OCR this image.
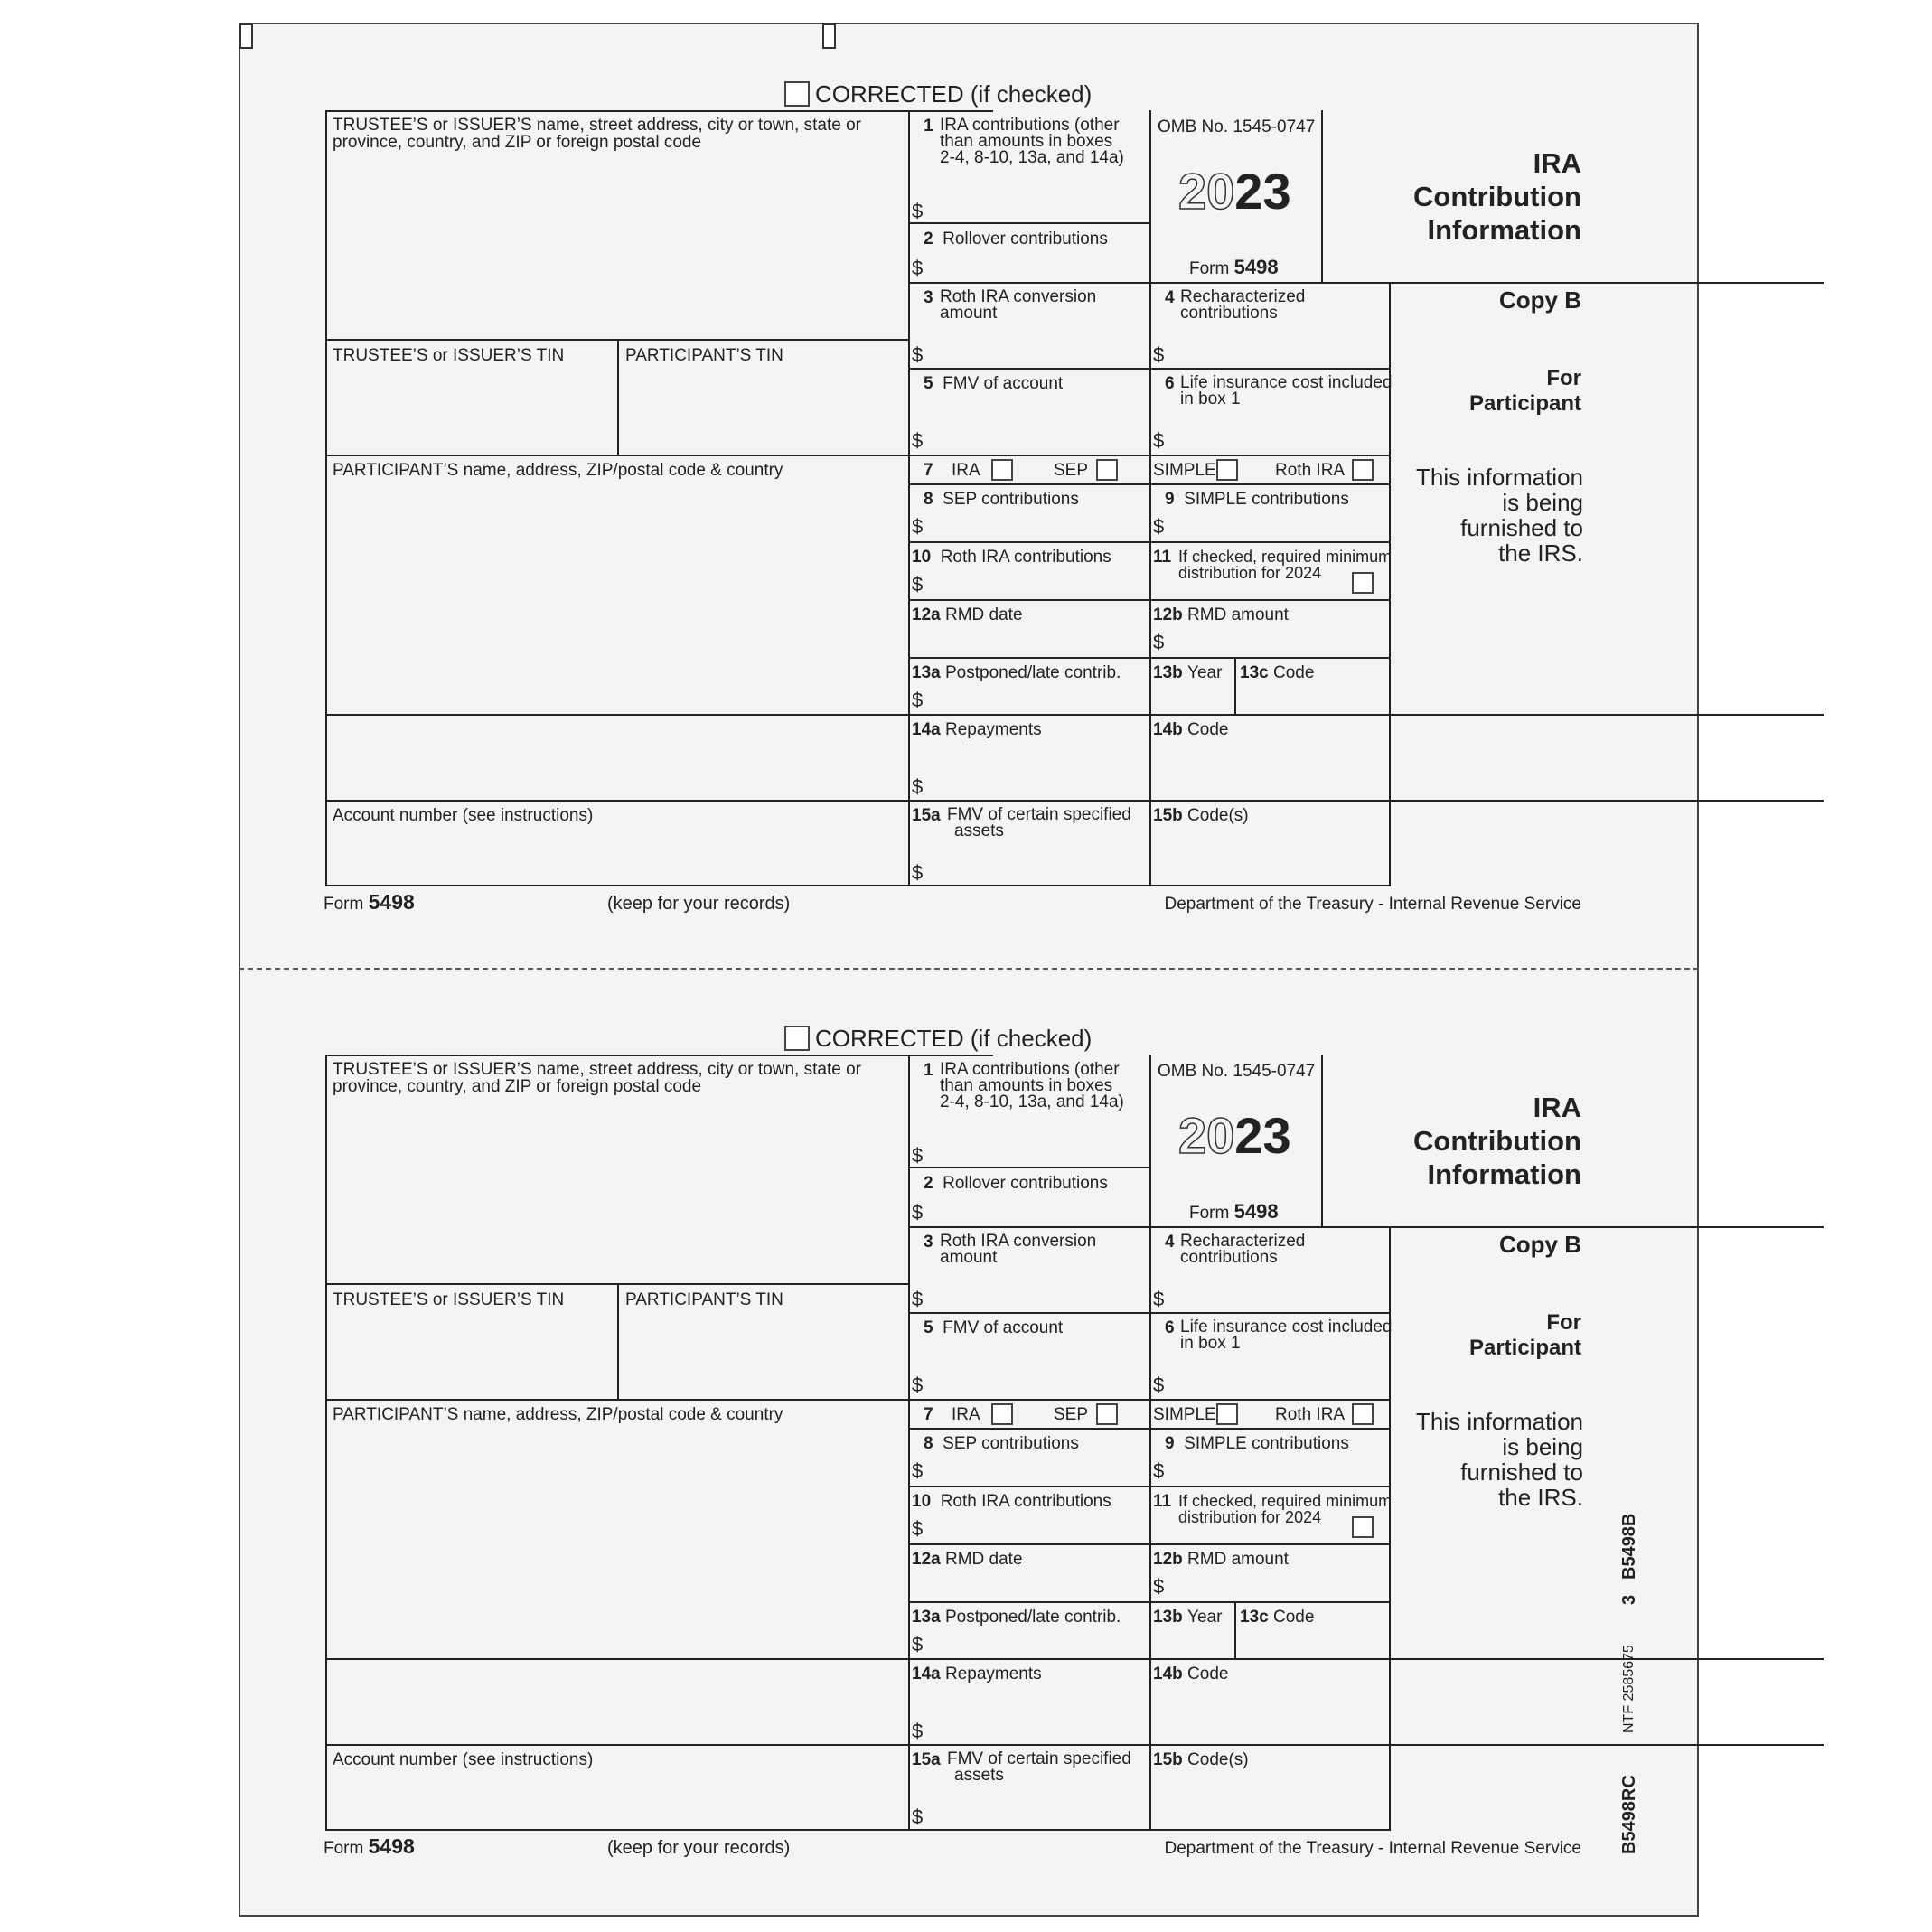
CORRECTED (if checked)
TRUSTEE’S or ISSUER’S name, street address, city or town, state or
province, country, and ZIP or foreign postal code
TRUSTEE’S or ISSUER’S TIN	PARTICIPANT’S TIN
PARTICIPANT’S name, address, ZIP/postal code & country
Account number (see instructions)
OMB No. 1545-0747
2023
Form 5498
IRA
Contribution
Information
Copy B
For
Participant
This information
is being
furnished to
the IRS.
1 IRA contributions (other
than amounts in boxes
2-4, 8-10, 13a, and 14a)
$
2 Rollover contributions
$
3 Roth IRA conversion
amount
$
4 Recharacterized
contributions
$
5 FMV of account
$
6 Life insurance cost included
in box 1
$
7 IRA	SEP	SIMPLE	Roth IRA
8 SEP contributions
$
9 SIMPLE contributions
$
10 Roth IRA contributions
$
11 If checked, required minimum
distribution for 2024
12a RMD date	12b RMD amount
$
13a Postponed/late contrib.
$
13b Year 13c Code
14a Repayments
$
14b Code
15a FMV of certain specified
assets
$
15b Code(s)
Form 5498	(keep for your records)	Department of the Treasury - Internal Revenue Service
CORRECTED (if checked)
TRUSTEE’S or ISSUER’S name, street address, city or town, state or
province, country, and ZIP or foreign postal code
TRUSTEE’S or ISSUER’S TIN	PARTICIPANT’S TIN
PARTICIPANT’S name, address, ZIP/postal code & country
Account number (see instructions)
OMB No. 1545-0747
2023
Form 5498
IRA
Contribution
Information
Copy B
For
Participant
This information
is being
furnished to
the IRS.
1 IRA contributions (other
than amounts in boxes
2-4, 8-10, 13a, and 14a)
$
2 Rollover contributions
$
3 Roth IRA conversion
amount
$
4 Recharacterized
contributions
$
5 FMV of account
$
6 Life insurance cost included
in box 1
$
7 IRA	SEP	SIMPLE	Roth IRA
8 SEP contributions
$
9 SIMPLE contributions
$
10 Roth IRA contributions
$
11 If checked, required minimum
distribution for 2024
12a RMD date	12b RMD amount
$
13a Postponed/late contrib.
$
13b Year 13c Code
14a Repayments
$
14b Code
15a FMV of certain specified
assets
$
15b Code(s)
Form 5498	(keep for your records)	Department of the Treasury - Internal Revenue Service
B5498B
3
NTF 2585675
B5498RC
